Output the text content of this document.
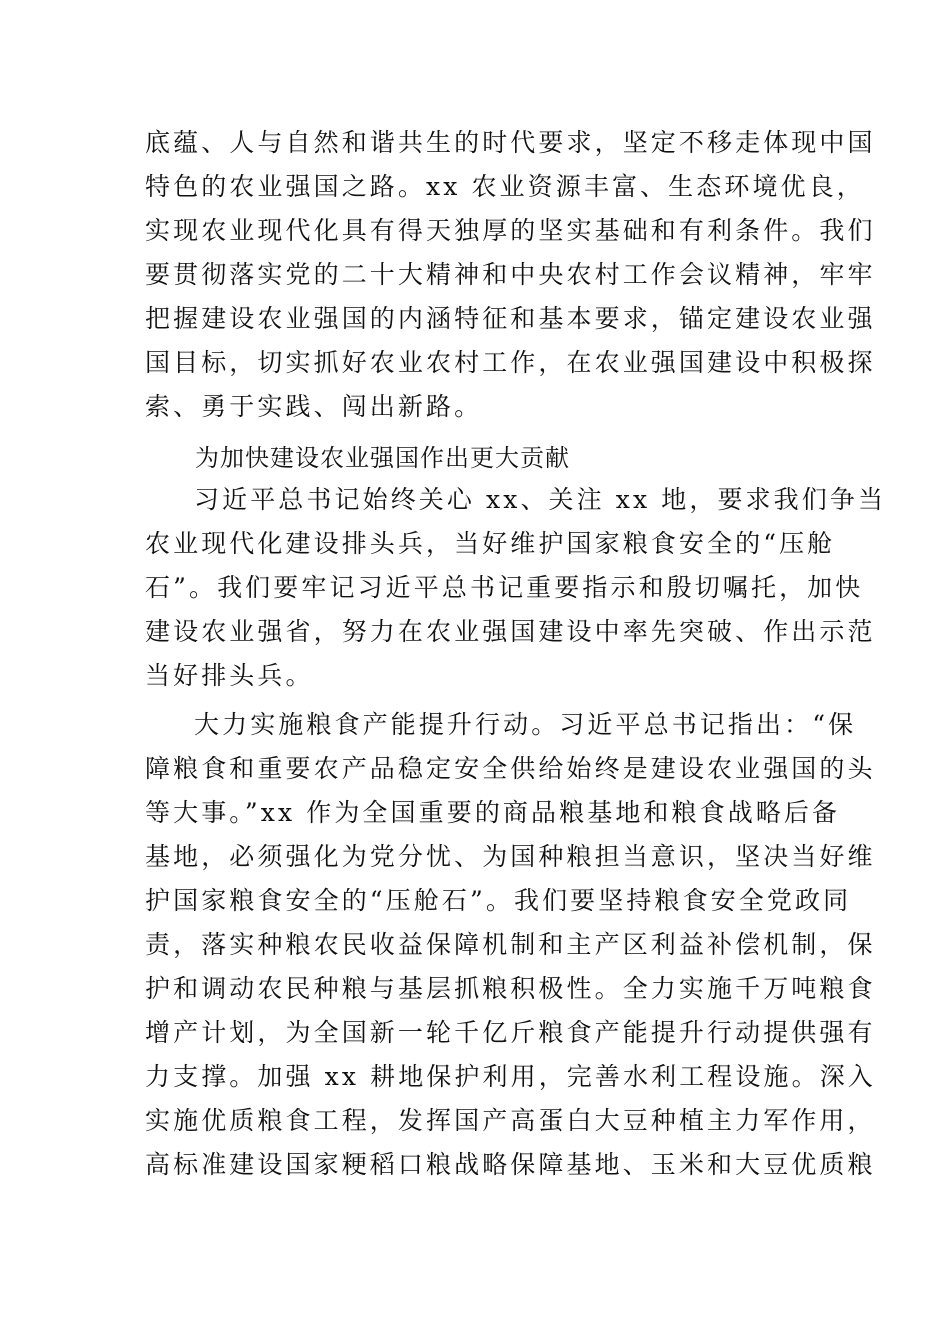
底蕴、人与自然和谐共生的时代要求，坚定不移走体现中国
特色的农业强国之路。xx 农业资源丰富、生态环境优良，
实现农业现代化具有得天独厚的坚实基础和有利条件。我们
要贯彻落实党的二十大精神和中央农村工作会议精神，牢牢
把握建设农业强国的内涵特征和基本要求，锚定建设农业强
国目标，切实抓好农业农村工作，在农业强国建设中积极探
索、勇于实践、闯出新路。
为加快建设农业强国作出更大贡献
习近平总书记始终关心 xx、关注 xx 地，要求我们争当
农业现代化建设排头兵，当好维护国家粮食安全的“压舱
石”。我们要牢记习近平总书记重要指示和殷切嘱托，加快
建设农业强省，努力在农业强国建设中率先突破、作出示范
当好排头兵。
大力实施粮食产能提升行动。习近平总书记指出：“保
障粮食和重要农产品稳定安全供给始终是建设农业强国的头
等大事。”xx 作为全国重要的商品粮基地和粮食战略后备
基地，必须强化为党分忧、为国种粮担当意识，坚决当好维
护国家粮食安全的“压舱石”。我们要坚持粮食安全党政同
责，落实种粮农民收益保障机制和主产区利益补偿机制，保
护和调动农民种粮与基层抓粮积极性。全力实施千万吨粮食
增产计划，为全国新一轮千亿斤粮食产能提升行动提供强有
力支撑。加强 xx 耕地保护利用，完善水利工程设施。深入
实施优质粮食工程，发挥国产高蛋白大豆种植主力军作用，
高标准建设国家粳稻口粮战略保障基地、玉米和大豆优质粮
